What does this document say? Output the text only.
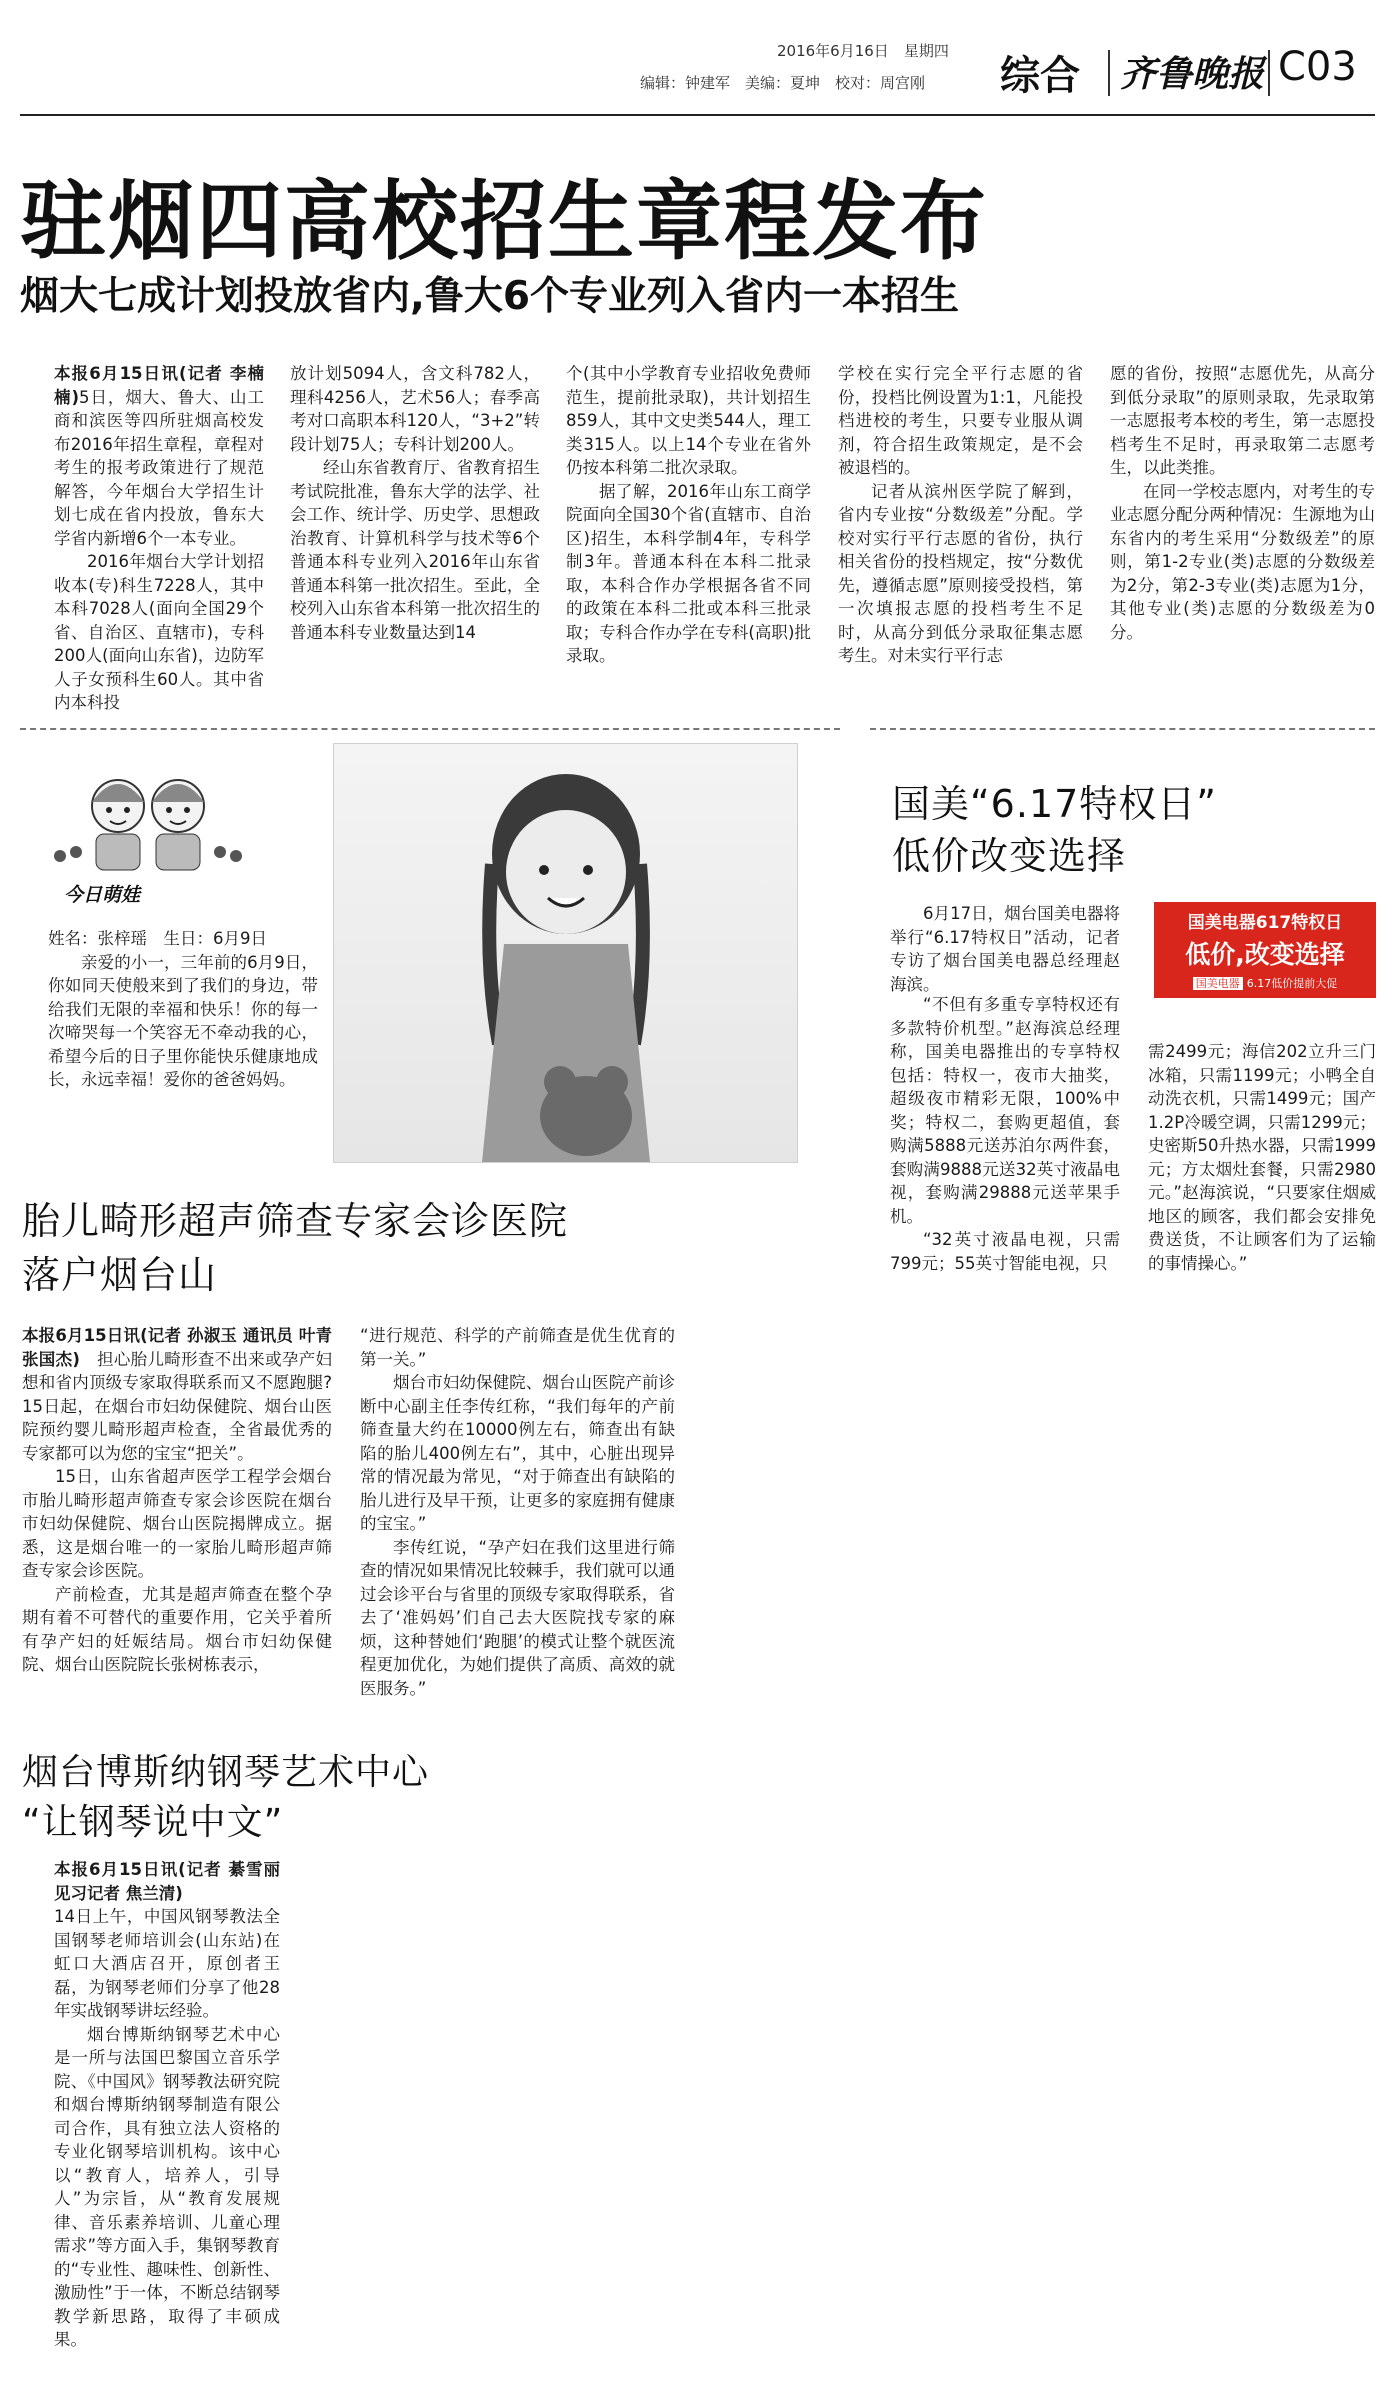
2016年6月16日　 星期四
编辑：钟建军　美编：夏坤　校对：周宫刚 综合 齐鲁晚报 C03
驻烟四高校招生章程发布
烟大七成计划投放省内,鲁大6个专业列入省内一本招生

本报6月15日讯(记者 李楠楠)5日，烟大、鲁大、山工商和滨医等四所驻烟高校发布2016年招生章程，章程对考生的报考政策进行了规范解答，今年烟台大学招生计划七成在省内投放，鲁东大学省内新增6个一本专业。

2016年烟台大学计划招收本(专)科生7228人，其中本科7028人(面向全国29个省、自治区、直辖市)，专科200人(面向山东省)，边防军人子女预科生60人。其中省内本科投

放计划5094人，含文科782人，理科4256人，艺术56人；春季高考对口高职本科120人，“3+2”转段计划75人；专科计划200人。

经山东省教育厅、省教育招生考试院批准，鲁东大学的法学、社会工作、统计学、历史学、思想政治教育、计算机科学与技术等6个普通本科专业列入2016年山东省普通本科第一批次招生。至此，全校列入山东省本科第一批次招生的普通本科专业数量达到14

个(其中小学教育专业招收免费师范生，提前批录取)，共计划招生859人，其中文史类544人，理工类315人。以上14个专业在省外仍按本科第二批次录取。

据了解，2016年山东工商学院面向全国30个省(直辖市、自治区)招生，本科学制4年，专科学制3年。普通本科在本科二批录取，本科合作办学根据各省不同的政策在本科二批或本科三批录取；专科合作办学在专科(高职)批录取。

学校在实行完全平行志愿的省份，投档比例设置为1:1，凡能投档进校的考生，只要专业服从调剂，符合招生政策规定，是不会被退档的。

记者从滨州医学院了解到，省内专业按“分数级差”分配。学校对实行平行志愿的省份，执行相关省份的投档规定，按“分数优先，遵循志愿”原则接受投档，第一次填报志愿的投档考生不足时，从高分到低分录取征集志愿考生。对未实行平行志

愿的省份，按照“志愿优先，从高分到低分录取”的原则录取，先录取第一志愿报考本校的考生，第一志愿投档考生不足时，再录取第二志愿考生，以此类推。

在同一学校志愿内，对考生的专业志愿分配分两种情况：生源地为山东省内的考生采用“分数级差”的原则，第1-2专业(类)志愿的分数级差为2分，第2-3专业(类)志愿为1分，其他专业(类)志愿的分数级差为0分。

今日萌娃

姓名：张梓瑶　生日：6月9日

亲爱的小一，三年前的6月9日，你如同天使般来到了我们的身边，带给我们无限的幸福和快乐！你的每一次啼哭每一个笑容无不牵动我的心，希望今后的日子里你能快乐健康地成长，永远幸福！爱你的爸爸妈妈。

国美“6.17特权日”
低价改变选择
国美电器617特权日
低价,改变选择
国美电器 6.17低价提前大促

6月17日，烟台国美电器将举行“6.17特权日”活动，记者专访了烟台国美电器总经理赵海滨。

“不但有多重专享特权还有多款特价机型。”赵海滨总经理称，国美电器推出的专享特权包括：特权一，夜市大抽奖，超级夜市精彩无限，100%中奖；特权二，套购更超值，套购满5888元送苏泊尔两件套，套购满9888元送32英寸液晶电视，套购满29888元送苹果手机。

“32英寸液晶电视，只需799元；55英寸智能电视，只

需2499元；海信202立升三门冰箱，只需1199元；小鸭全自动洗衣机，只需1499元；国产1.2P冷暖空调，只需1299元；史密斯50升热水器，只需1999元；方太烟灶套餐，只需2980元。”赵海滨说，“只要家住烟威地区的顾客，我们都会安排免费送货，不让顾客们为了运输的事情操心。”

胎儿畸形超声筛查专家会诊医院
落户烟台山

本报6月15日讯(记者 孙淑玉 通讯员 叶青 张国杰)　 担心胎儿畸形查不出来或孕产妇想和省内顶级专家取得联系而又不愿跑腿?15日起，在烟台市妇幼保健院、烟台山医院预约婴儿畸形超声检查，全省最优秀的专家都可以为您的宝宝“把关”。

15日，山东省超声医学工程学会烟台市胎儿畸形超声筛查专家会诊医院在烟台市妇幼保健院、烟台山医院揭牌成立。据悉，这是烟台唯一的一家胎儿畸形超声筛查专家会诊医院。

产前检查，尤其是超声筛查在整个孕期有着不可替代的重要作用，它关乎着所有孕产妇的妊娠结局。烟台市妇幼保健院、烟台山医院院长张树栋表示，

“进行规范、科学的产前筛查是优生优育的第一关。”

烟台市妇幼保健院、烟台山医院产前诊断中心副主任李传红称，“我们每年的产前筛查量大约在10000例左右，筛查出有缺陷的胎儿400例左右”，其中，心脏出现异常的情况最为常见，“对于筛查出有缺陷的胎儿进行及早干预，让更多的家庭拥有健康的宝宝。”

李传红说，“孕产妇在我们这里进行筛查的情况如果情况比较棘手，我们就可以通过会诊平台与省里的顶级专家取得联系，省去了‘准妈妈’们自己去大医院找专家的麻烦，这种替她们‘跑腿’的模式让整个就医流程更加优化，为她们提供了高质、高效的就医服务。”

烟台博斯纳钢琴艺术中心
“让钢琴说中文”

本报6月15日讯(记者 綦雪丽 见习记者 焦兰清)

14日上午，中国风钢琴教法全国钢琴老师培训会(山东站)在虹口大酒店召开，原创者王磊，为钢琴老师们分享了他28年实战钢琴讲坛经验。

烟台博斯纳钢琴艺术中心是一所与法国巴黎国立音乐学院、《中国风》钢琴教法研究院和烟台博斯纳钢琴制造有限公司合作，具有独立法人资格的专业化钢琴培训机构。该中心以“教育人，培养人，引导人”为宗旨，从“教育发展规律、音乐素养培训、儿童心理需求”等方面入手，集钢琴教育的“专业性、趣味性、创新性、激励性”于一体，不断总结钢琴教学新思路，取得了丰硕成果。
